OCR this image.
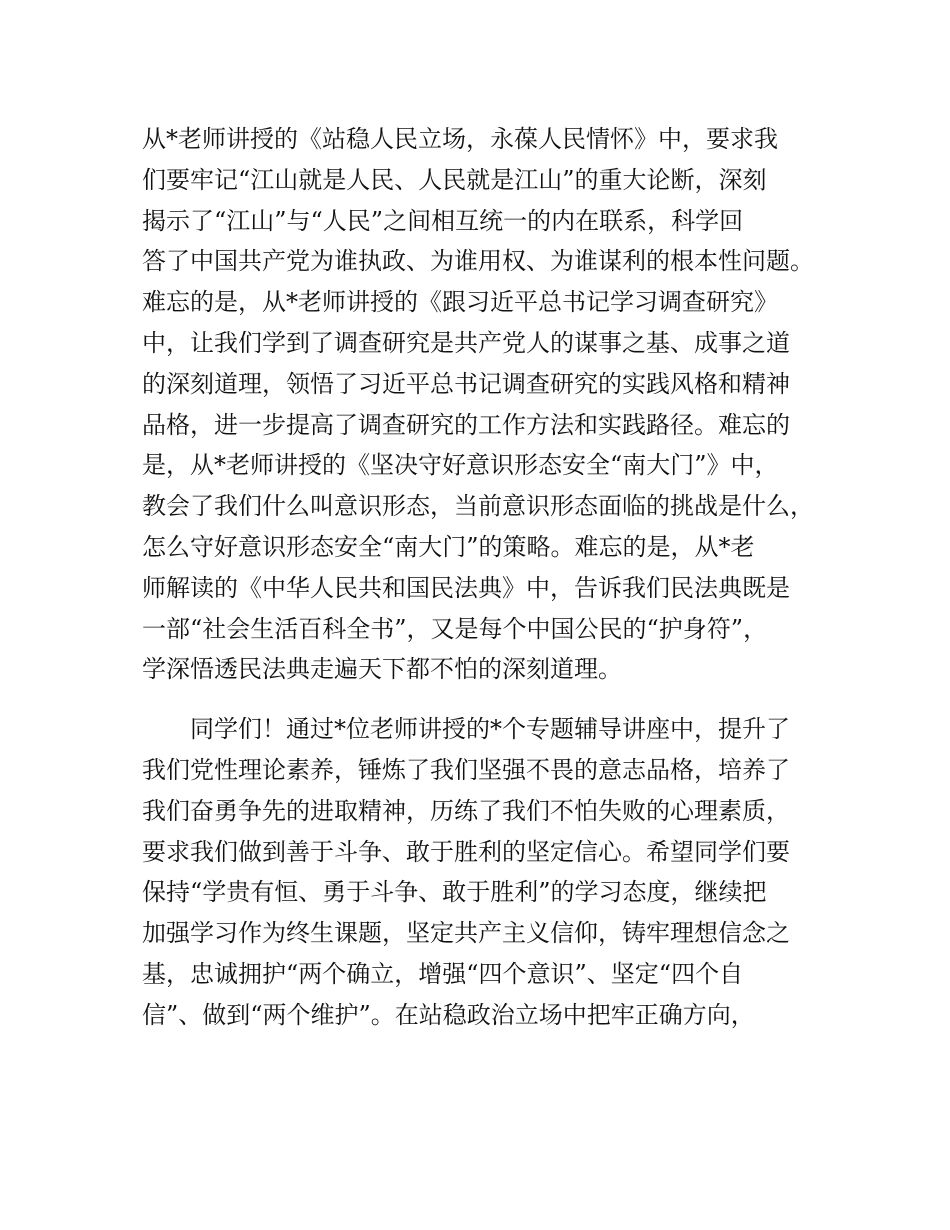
从*老师讲授的《站稳人民立场，永葆人民情怀》中，要求我
们要牢记“江山就是人民、人民就是江山”的重大论断，深刻
揭示了“江山”与“人民”之间相互统一的内在联系，科学回
答了中国共产党为谁执政、为谁用权、为谁谋利的根本性问题。
难忘的是，从*老师讲授的《跟习近平总书记学习调查研究》
中，让我们学到了调查研究是共产党人的谋事之基、成事之道
的深刻道理，领悟了习近平总书记调查研究的实践风格和精神
品格，进一步提高了调查研究的工作方法和实践路径。难忘的
是，从*老师讲授的《坚决守好意识形态安全“南大门”》中，
教会了我们什么叫意识形态，当前意识形态面临的挑战是什么，
怎么守好意识形态安全“南大门”的策略。难忘的是，从*老
师解读的《中华人民共和国民法典》中，告诉我们民法典既是
一部“社会生活百科全书”，又是每个中国公民的“护身符”，
学深悟透民法典走遍天下都不怕的深刻道理。
同学们！通过*位老师讲授的*个专题辅导讲座中，提升了
我们党性理论素养，锤炼了我们坚强不畏的意志品格，培养了
我们奋勇争先的进取精神，历练了我们不怕失败的心理素质，
要求我们做到善于斗争、敢于胜利的坚定信心。希望同学们要
保持“学贵有恒、勇于斗争、敢于胜利”的学习态度，继续把
加强学习作为终生课题，坚定共产主义信仰，铸牢理想信念之
基，忠诚拥护“两个确立，增强“四个意识”、坚定“四个自
信”、做到“两个维护”。在站稳政治立场中把牢正确方向，
